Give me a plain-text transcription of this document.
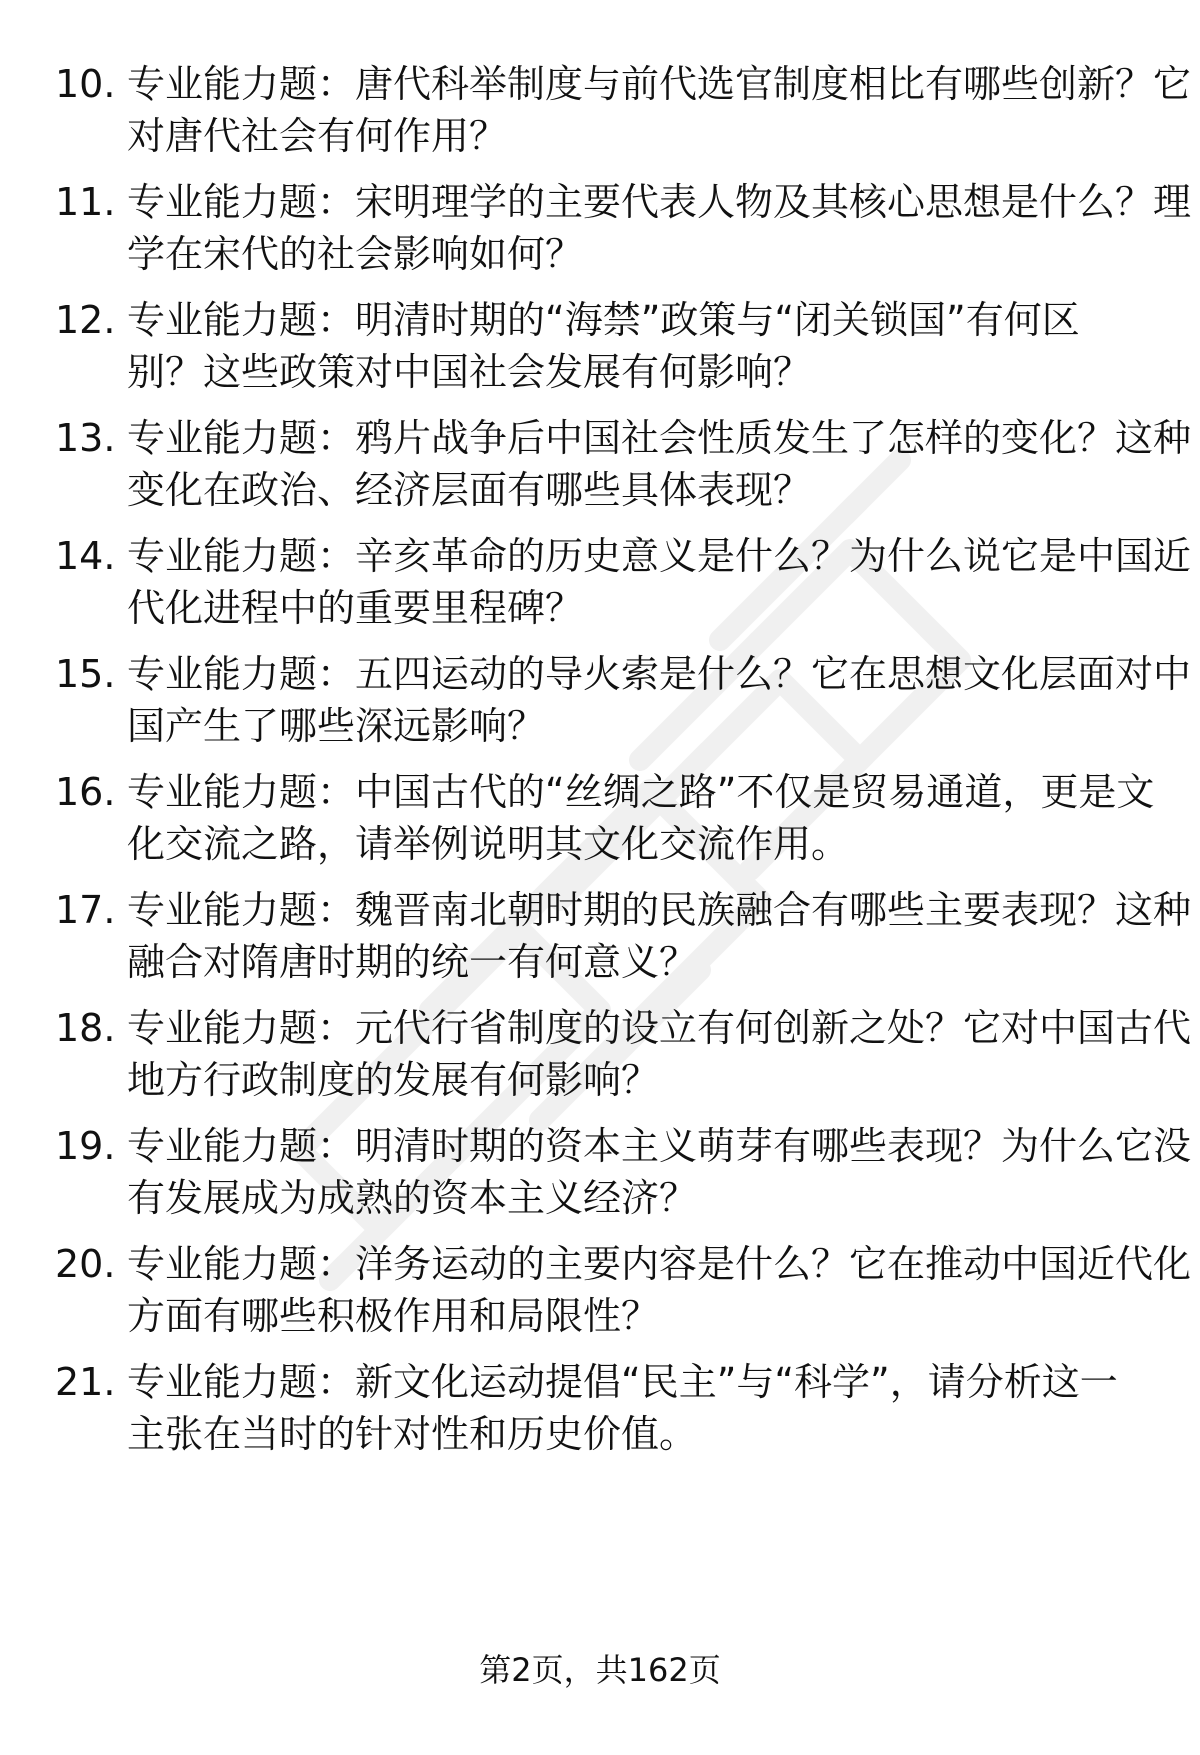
10. 专业能力题：唐代科举制度与前代选官制度相比有哪些创新？它
对唐代社会有何作用？
11. 专业能力题：宋明理学的主要代表人物及其核心思想是什么？理
学在宋代的社会影响如何？
12. 专业能力题：明清时期的“海禁”政策与“闭关锁国”有何区
别？这些政策对中国社会发展有何影响？
13. 专业能力题：鸦片战争后中国社会性质发生了怎样的变化？这种
变化在政治、经济层面有哪些具体表现？
14. 专业能力题：辛亥革命的历史意义是什么？为什么说它是中国近
代化进程中的重要里程碑？
15. 专业能力题：五四运动的导火索是什么？它在思想文化层面对中
国产生了哪些深远影响？
16. 专业能力题：中国古代的“丝绸之路”不仅是贸易通道，更是文
化交流之路，请举例说明其文化交流作用。
17. 专业能力题：魏晋南北朝时期的民族融合有哪些主要表现？这种
融合对隋唐时期的统一有何意义？
18. 专业能力题：元代行省制度的设立有何创新之处？它对中国古代
地方行政制度的发展有何影响？
19. 专业能力题：明清时期的资本主义萌芽有哪些表现？为什么它没
有发展成为成熟的资本主义经济？
20. 专业能力题：洋务运动的主要内容是什么？它在推动中国近代化
方面有哪些积极作用和局限性？
21. 专业能力题：新文化运动提倡“民主”与“科学”，请分析这一
主张在当时的针对性和历史价值。
第2页，共162页
